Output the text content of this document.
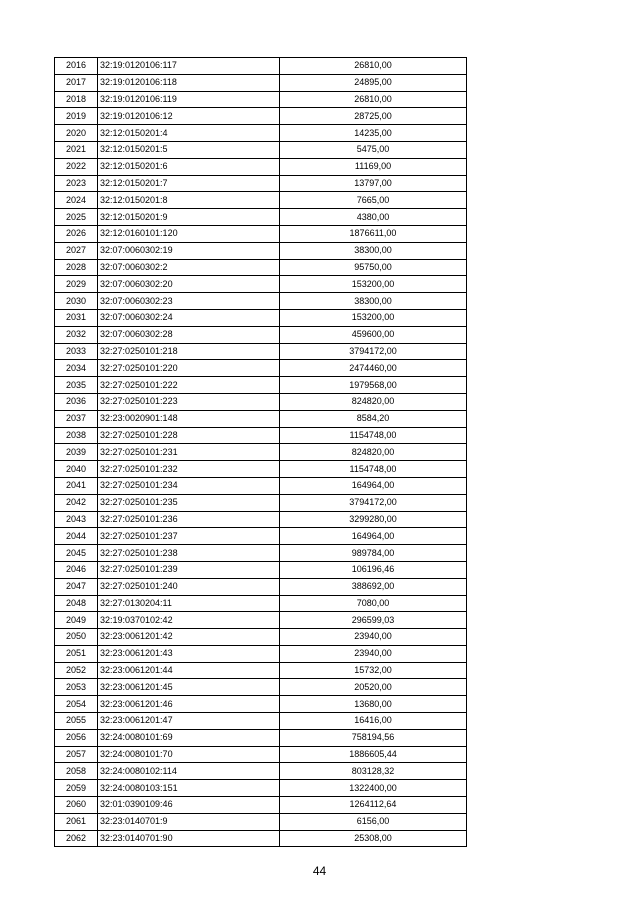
2016	32:19:0120106:117	26810,00
2017	32:19:0120106:118	24895,00
2018	32:19:0120106:119	26810,00
2019	32:19:0120106:12	28725,00
2020	32:12:0150201:4	14235,00
2021	32:12:0150201:5	5475,00
2022	32:12:0150201:6	11169,00
2023	32:12:0150201:7	13797,00
2024	32:12:0150201:8	7665,00
2025	32:12:0150201:9	4380,00
2026	32:12:0160101:120	1876611,00
2027	32:07:0060302:19	38300,00
2028	32:07:0060302:2	95750,00
2029	32:07:0060302:20	153200,00
2030	32:07:0060302:23	38300,00
2031	32:07:0060302:24	153200,00
2032	32:07:0060302:28	459600,00
2033	32:27:0250101:218	3794172,00
2034	32:27:0250101:220	2474460,00
2035	32:27:0250101:222	1979568,00
2036	32:27:0250101:223	824820,00
2037	32:23:0020901:148	8584,20
2038	32:27:0250101:228	1154748,00
2039	32:27:0250101:231	824820,00
2040	32:27:0250101:232	1154748,00
2041	32:27:0250101:234	164964,00
2042	32:27:0250101:235	3794172,00
2043	32:27:0250101:236	3299280,00
2044	32:27:0250101:237	164964,00
2045	32:27:0250101:238	989784,00
2046	32:27:0250101:239	106196,46
2047	32:27:0250101:240	388692,00
2048	32:27:0130204:11	7080,00
2049	32:19:0370102:42	296599,03
2050	32:23:0061201:42	23940,00
2051	32:23:0061201:43	23940,00
2052	32:23:0061201:44	15732,00
2053	32:23:0061201:45	20520,00
2054	32:23:0061201:46	13680,00
2055	32:23:0061201:47	16416,00
2056	32:24:0080101:69	758194,56
2057	32:24:0080101:70	1886605,44
2058	32:24:0080102:114	803128,32
2059	32:24:0080103:151	1322400,00
2060	32:01:0390109:46	1264112,64
2061	32:23:0140701:9	6156,00
2062	32:23:0140701:90	25308,00
44
